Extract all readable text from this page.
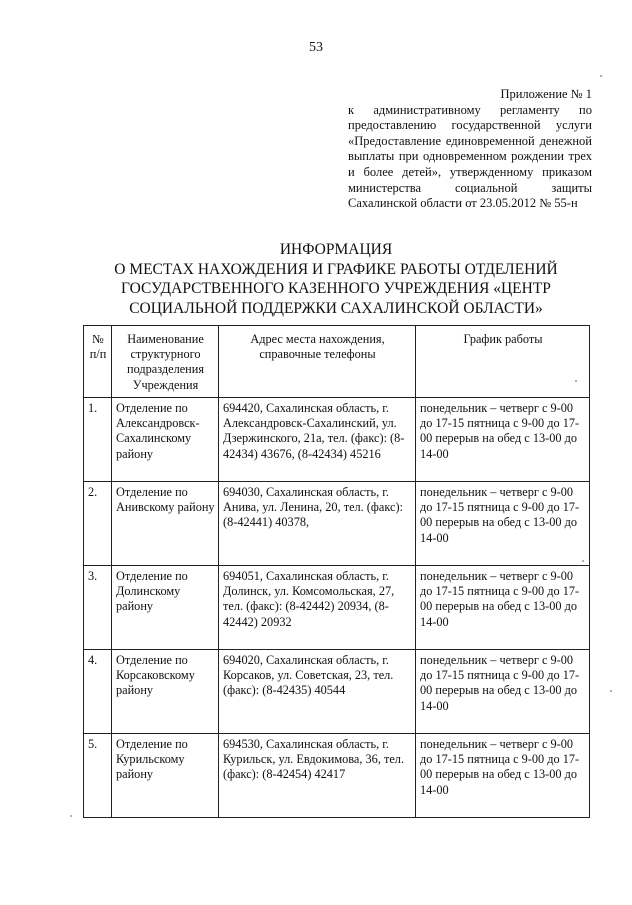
53
Приложение № 1
к административному регламенту по предоставлению государственной услуги «Предоставление единовременной денежной выплаты при одновременном рождении трех и более детей», утвержденному приказом министерства социальной защиты Сахалинской области от 23.05.2012 № 55-н
ИНФОРМАЦИЯ
О МЕСТАХ НАХОЖДЕНИЯ И ГРАФИКЕ РАБОТЫ ОТДЕЛЕНИЙ
ГОСУДАРСТВЕННОГО КАЗЕННОГО УЧРЕЖДЕНИЯ «ЦЕНТР
СОЦИАЛЬНОЙ ПОДДЕРЖКИ САХАЛИНСКОЙ ОБЛАСТИ»
№ п/п	Наименование структурного подразделения Учреждения	Адрес места нахождения, справочные телефоны	График работы
1.	Отделение по Александровск-Сахалинскому району	694420, Сахалинская область, г. Александровск-Сахалинский, ул. Дзержинского, 21а, тел. (факс): (8-42434) 43676, (8-42434) 45216	понедельник – четверг с 9-00 до 17-15 пятница с 9-00 до 17-00 перерыв на обед с 13-00 до 14-00
2.	Отделение по Анивскому району	694030, Сахалинская область, г. Анива, ул. Ленина, 20, тел. (факс): (8-42441) 40378,	понедельник – четверг с 9-00 до 17-15 пятница с 9-00 до 17-00 перерыв на обед с 13-00 до 14-00
3.	Отделение по Долинскому району	694051, Сахалинская область, г. Долинск, ул. Комсомольская, 27, тел. (факс): (8-42442) 20934, (8-42442) 20932	понедельник – четверг с 9-00 до 17-15 пятница с 9-00 до 17-00 перерыв на обед с 13-00 до 14-00
4.	Отделение по Корсаковскому району	694020, Сахалинская область, г. Корсаков, ул. Советская, 23, тел. (факс): (8-42435) 40544	понедельник – четверг с 9-00 до 17-15 пятница с 9-00 до 17-00 перерыв на обед с 13-00 до 14-00
5.	Отделение по Курильскому району	694530, Сахалинская область, г. Курильск, ул. Евдокимова, 36, тел. (факс): (8-42454) 42417	понедельник – четверг с 9-00 до 17-15 пятница с 9-00 до 17-00 перерыв на обед с 13-00 до 14-00
